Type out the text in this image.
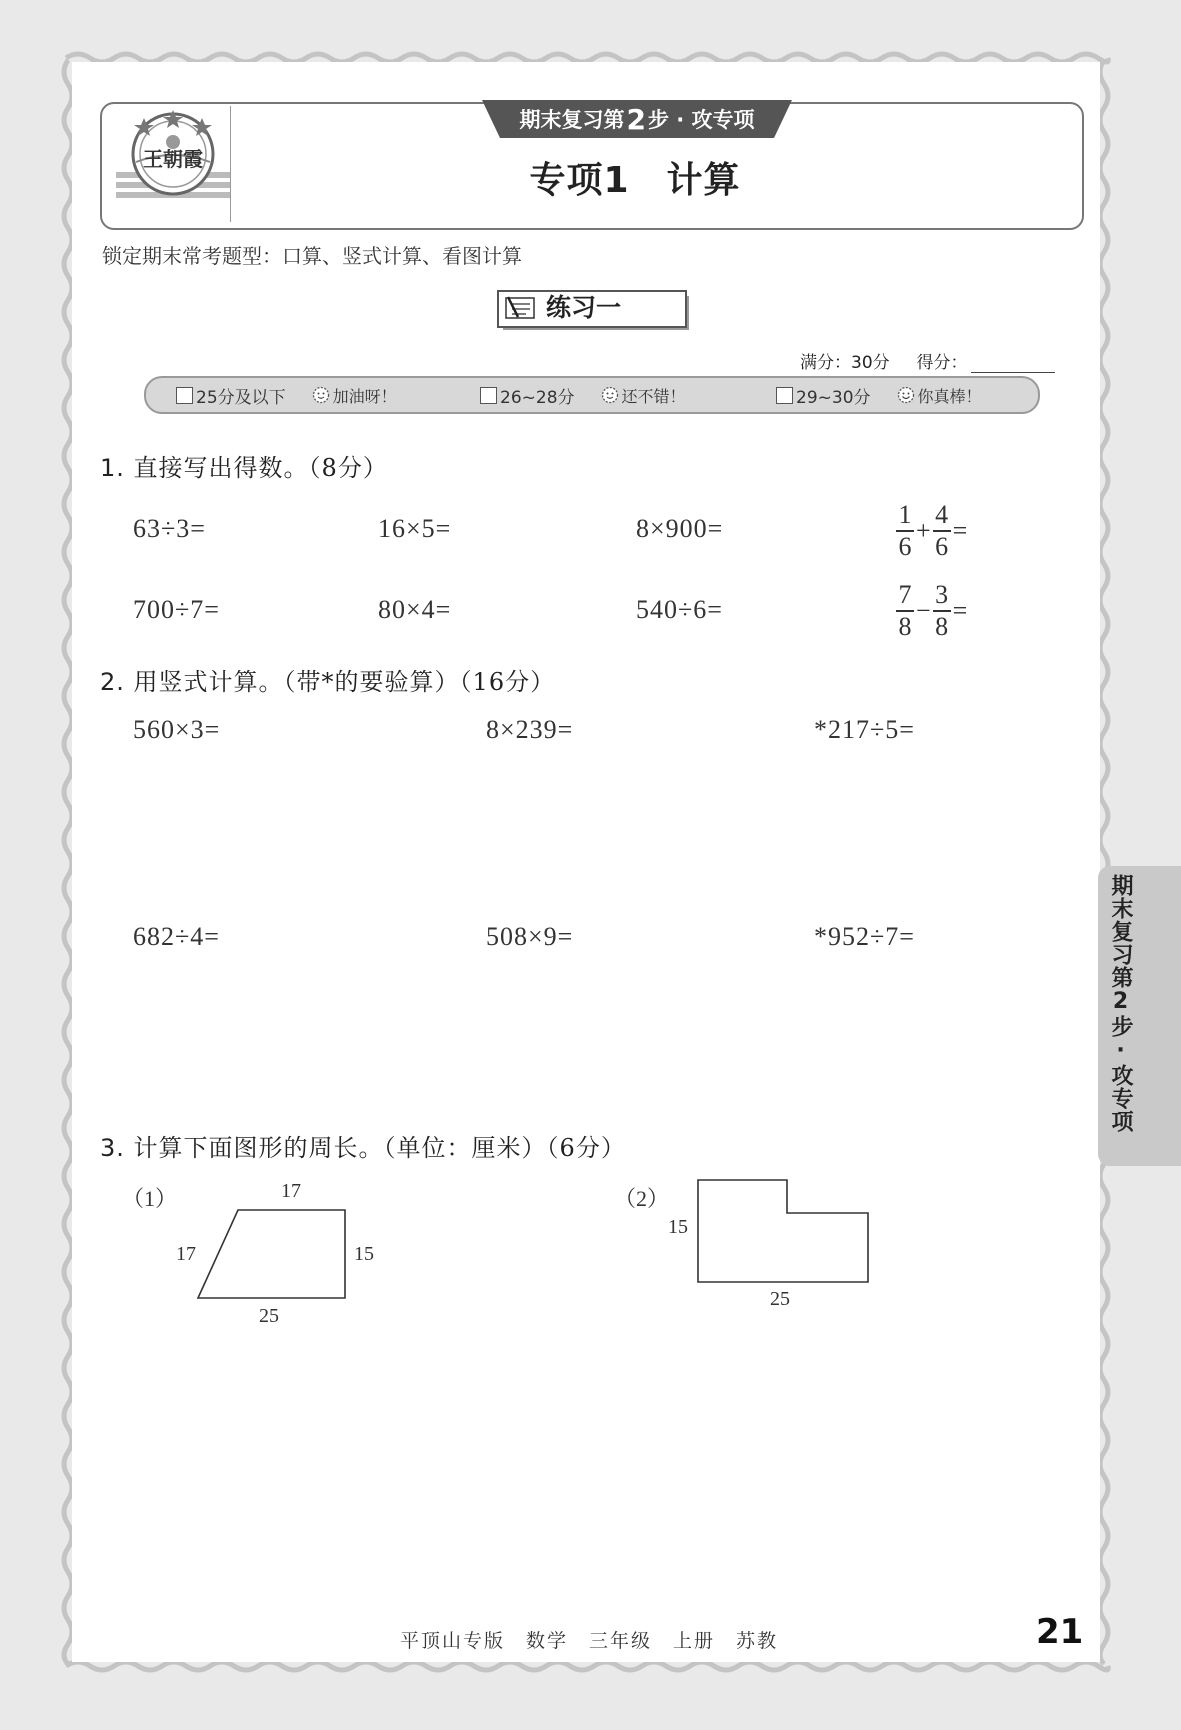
王朝霞
期末复习第 2 步 · 攻专项
专项1　计算
锁定期末常考题型：口算、竖式计算、看图计算
练习一
满分：30分 得分：
25分及以下	加油呀！	26~28分	还不错！	29~30分	你真棒！
1. 直接写出得数。（8分）
63÷3=	16×5=	8×900=	$\frac{1}{6} + \frac{4}{6}$ =
700÷7=	80×4=	540÷6=	$\frac{7}{8} - \frac{3}{8}$ =
2. 用竖式计算。（带*的要验算）（16分）
560×3=	8×239=	*217÷5=
682÷4=	508×9=	*952÷7=	期末复习第2步·攻专项
3. 计算下面图形的周长。（单位：厘米）（6分）
（1）	17
17	15
25
（2）
15
25
平顶山专版　数学　三年级　上册　苏教	21
